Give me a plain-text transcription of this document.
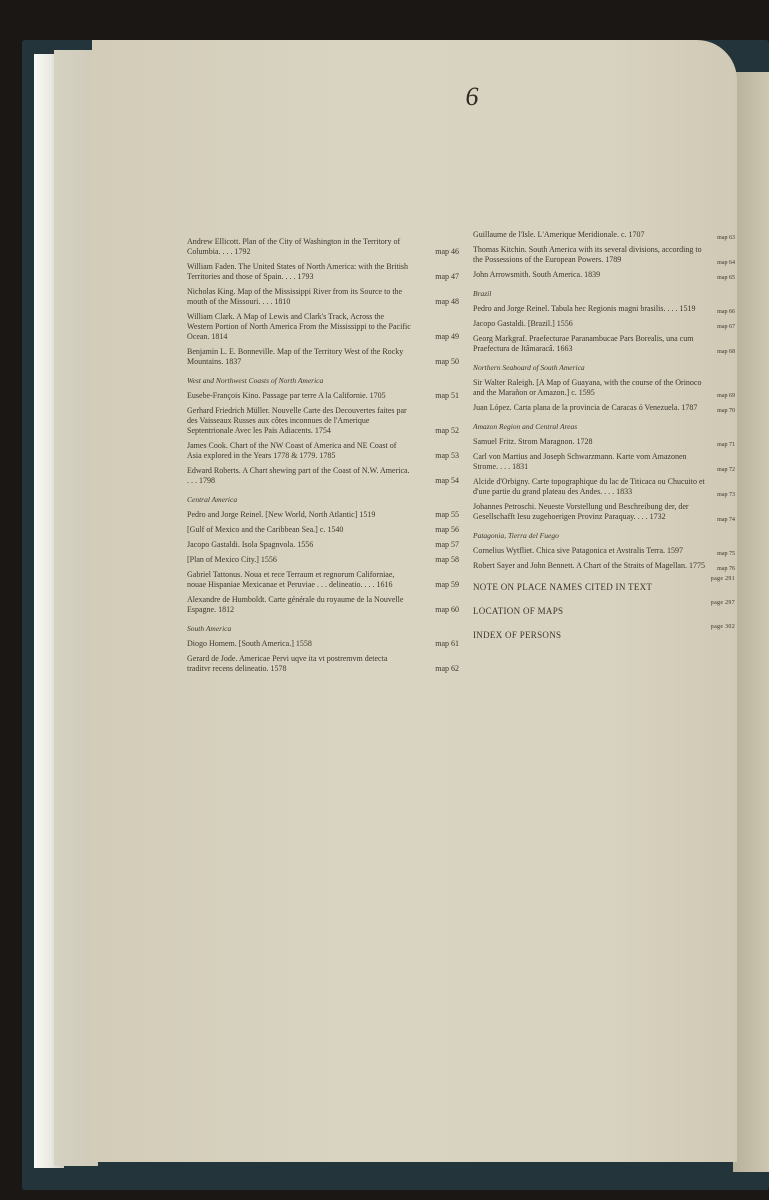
6
Andrew Ellicott. Plan of the City of Washington in the Territory of Columbia. . . . 1792	map 46
William Faden. The United States of North America: with the British Territories and those of Spain. . . . 1793	map 47
Nicholas King. Map of the Mississippi River from its Source to the mouth of the Missouri. . . . 1810	map 48
William Clark. A Map of Lewis and Clark's Track, Across the Western Portion of North America From the Mississippi to the Pacific Ocean. 1814	map 49
Benjamin L. E. Bonneville. Map of the Territory West of the Rocky Mountains. 1837	map 50
West and Northwest Coasts of North America
Eusebe-François Kino. Passage par terre A la Californie. 1705	map 51
Gerhard Friedrich Müller. Nouvelle Carte des Decouvertes faites par des Vaisseaux Russes aux côtes inconnues de l'Amerique Septentrionale Avec les Pais Adiacents. 1754	map 52
James Cook. Chart of the NW Coast of America and NE Coast of Asia explored in the Years 1778 & 1779. 1785	map 53
Edward Roberts. A Chart shewing part of the Coast of N.W. America. . . . 1798	map 54
Central America
Pedro and Jorge Reinel. [New World, North Atlantic] 1519	map 55
[Gulf of Mexico and the Caribbean Sea.] c. 1540	map 56
Jacopo Gastaldi. Isola Spagnvola. 1556	map 57
[Plan of Mexico City.] 1556	map 58
Gabriel Tattonus. Noua et rece Terraum et regnorum Californiae, nouae Hispaniae Mexicanae et Peruviae . . . delineatio. . . . 1616	map 59
Alexandre de Humboldt. Carte générale du royaume de la Nouvelle Espagne. 1812	map 60
South America
Diogo Homem. [South America.] 1558	map 61
Gerard de Jode. Americae Pervi uqve ita vt postremvm detecta traditvr recens delineatio. 1578	map 62
Guillaume de l'Isle. L'Amerique Meridionale. c. 1707	map 63
Thomas Kitchin. South America with its several divisions, according to the Possessions of the European Powers. 1789	map 64
John Arrowsmith. South America. 1839	map 65
Brazil
Pedro and Jorge Reinel. Tabula hec Regionis magni brasilis. . . . 1519	map 66
Jacopo Gastaldi. [Brazil.] 1556	map 67
Georg Markgraf. Praefecturae Paranambucae Pars Borealis, una cum Praefectura de Itâmaracâ. 1663	map 68
Northern Seaboard of South America
Sir Walter Raleigh. [A Map of Guayana, with the course of the Orinoco and the Marañon or Amazon.] c. 1595	map 69
Juan López. Carta plana de la provincia de Caracas ó Venezuela. 1787	map 70
Amazon Region and Central Areas
Samuel Fritz. Strom Maragnon. 1728	map 71
Carl von Martius and Joseph Schwarzmann. Karte vom Amazonen Strome. . . . 1831	map 72
Alcide d'Orbigny. Carte topographique du lac de Titicaca ou Chucuito et d'une partie du grand plateau des Andes. . . . 1833	map 73
Johannes Petroschi. Neueste Vorstellung und Beschreibung der, der Gesellschafft Iesu zugehoerigen Provinz Paraquay. . . . 1732	map 74
Patagonia, Tierra del Fuego
Cornelius Wytfliet. Chica sive Patagonica et Avstralis Terra. 1597	map 75
Robert Sayer and John Bennett. A Chart of the Straits of Magellan. 1775	map 76
NOTE ON PLACE NAMES CITED IN TEXT
page 291
LOCATION OF MAPS
page 297
INDEX OF PERSONS
page 302
